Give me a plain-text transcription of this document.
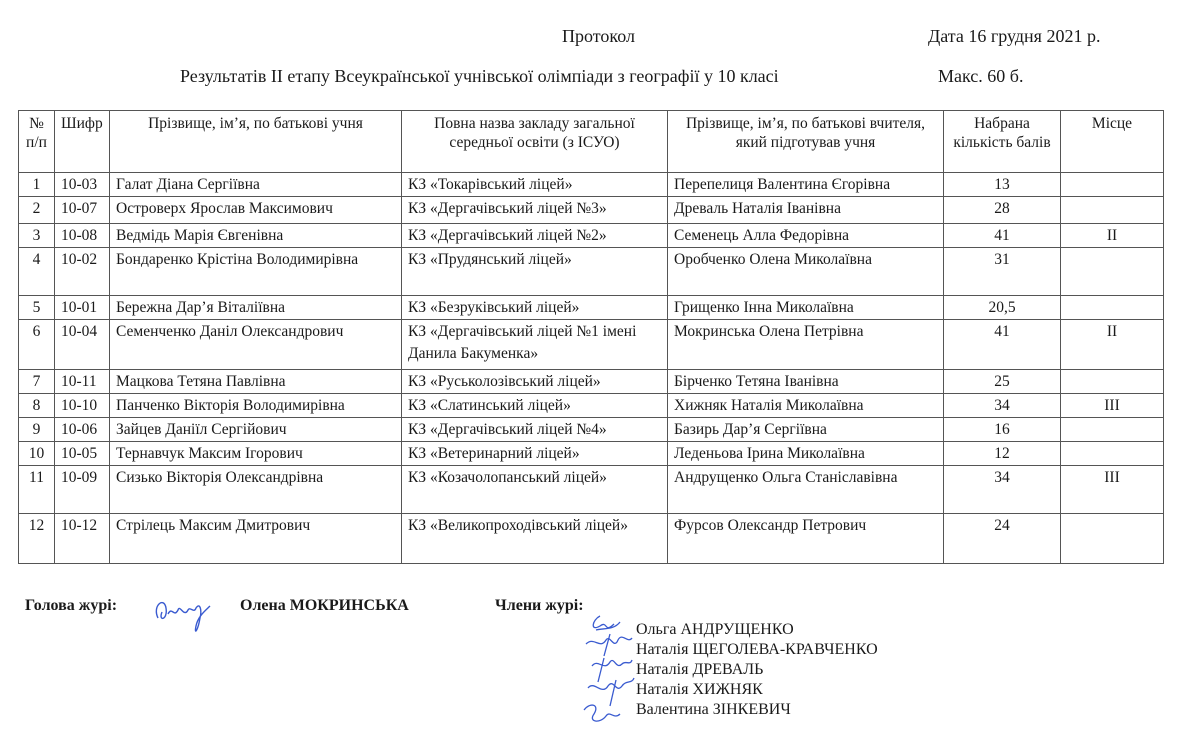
Протокол	Дата 16 грудня 2021 р.
Результатів ІІ етапу Всеукраїнської учнівської олімпіади з географії у 10 класі	Макс. 60 б.
№ п/п	Шифр	Прізвище, ім’я, по батькові учня	Повна назва закладу загальної середньої освіти (з ІСУО)	Прізвище, ім’я, по батькові вчителя, який підготував учня	Набрана кількість балів	Місце
1	10-03	Галат Діана Сергіївна	КЗ «Токарівський ліцей»	Перепелиця Валентина Єгорівна	13	
2	10-07	Островерх Ярослав Максимович	КЗ «Дергачівський ліцей №3»	Древаль Наталія Іванівна	28	
3	10-08	Ведмідь Марія Євгенівна	КЗ «Дергачівський ліцей №2»	Семенець Алла Федорівна	41	ІІ
4	10-02	Бондаренко Крістіна Володимирівна	КЗ «Прудянський ліцей»	Оробченко Олена Миколаївна	31	
5	10-01	Бережна Дар’я Віталіївна	КЗ «Безруківський ліцей»	Грищенко Інна Миколаївна	20,5	
6	10-04	Семенченко Даніл Олександрович	КЗ «Дергачівський ліцей №1 імені Данила Бакуменка»	Мокринська Олена Петрівна	41	ІІ
7	10-11	Мацкова Тетяна Павлівна	КЗ «Руськолозівський ліцей»	Бірченко Тетяна Іванівна	25	
8	10-10	Панченко Вікторія Володимирівна	КЗ «Слатинський ліцей»	Хижняк Наталія Миколаївна	34	ІІІ
9	10-06	Зайцев Даніїл Сергійович	КЗ «Дергачівський ліцей №4»	Базирь Дар’я Сергіївна	16	
10	10-05	Тернавчук Максим Ігорович	КЗ «Ветеринарний ліцей»	Леденьова Ірина Миколаївна	12	
11	10-09	Сизько Вікторія Олександрівна	КЗ «Козачолопанський ліцей»	Андрущенко Ольга Станіславівна	34	ІІІ
12	10-12	Стрілець Максим Дмитрович	КЗ «Великопроходівський ліцей»	Фурсов Олександр Петрович	24	
Голова журі:	Олена МОКРИНСЬКА	Члени журі:
Ольга АНДРУЩЕНКО
Наталія ЩЕГОЛЕВА-КРАВЧЕНКО
Наталія ДРЕВАЛЬ
Наталія ХИЖНЯК
Валентина ЗІНКЕВИЧ
